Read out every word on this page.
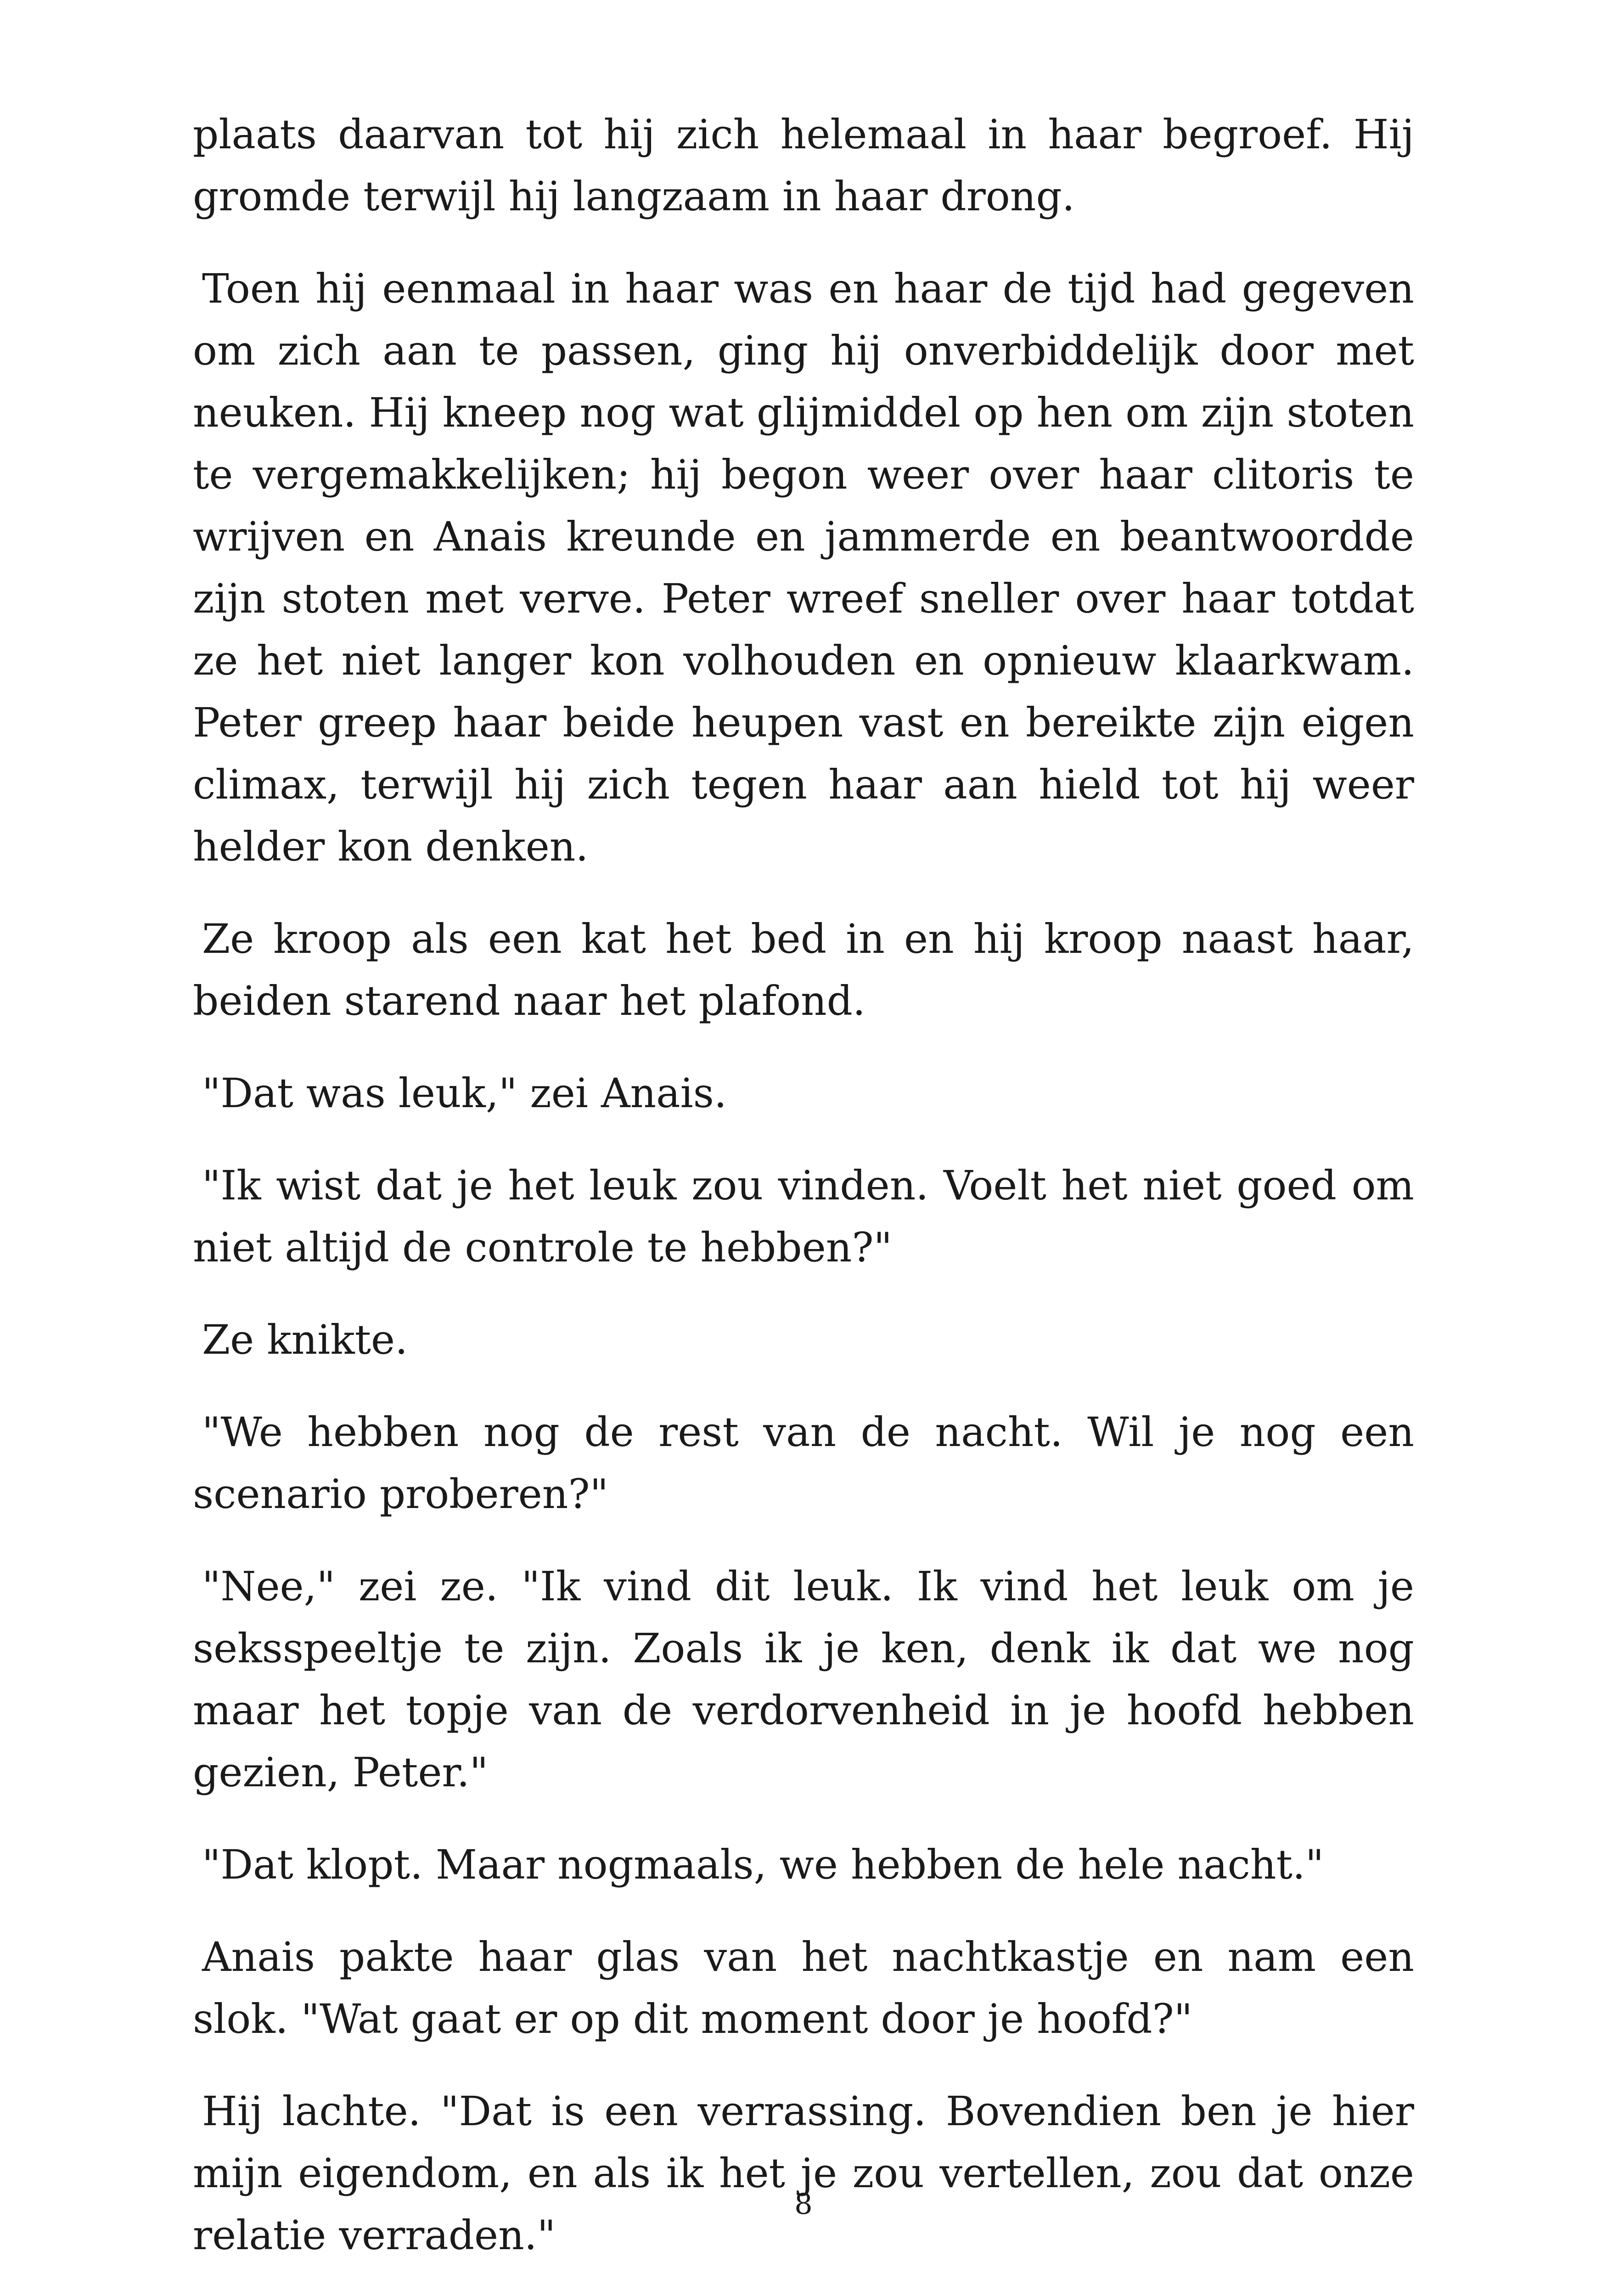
plaats daarvan tot hij zich helemaal in haar begroef. Hij gromde terwijl hij langzaam in haar drong.

Toen hij eenmaal in haar was en haar de tijd had gegeven om zich aan te passen, ging hij onverbiddelijk door met neuken. Hij kneep nog wat glijmiddel op hen om zijn stoten te vergemakkelijken; hij begon weer over haar clitoris te wrijven en Anais kreunde en jammerde en beantwoordde zijn stoten met verve. Peter wreef sneller over haar totdat ze het niet langer kon volhouden en opnieuw klaarkwam. Peter greep haar beide heupen vast en bereikte zijn eigen climax, terwijl hij zich tegen haar aan hield tot hij weer helder kon denken.

Ze kroop als een kat het bed in en hij kroop naast haar, beiden starend naar het plafond.

"Dat was leuk," zei Anais.

"Ik wist dat je het leuk zou vinden. Voelt het niet goed om niet altijd de controle te hebben?"

Ze knikte.

"We hebben nog de rest van de nacht. Wil je nog een scenario proberen?"

"Nee," zei ze. "Ik vind dit leuk. Ik vind het leuk om je seksspeeltje te zijn. Zoals ik je ken, denk ik dat we nog maar het topje van de verdorvenheid in je hoofd hebben gezien, Peter."

"Dat klopt. Maar nogmaals, we hebben de hele nacht."

Anais pakte haar glas van het nachtkastje en nam een slok. "Wat gaat er op dit moment door je hoofd?"

Hij lachte. "Dat is een verrassing. Bovendien ben je hier mijn eigendom, en als ik het je zou vertellen, zou dat onze relatie verraden."

8
